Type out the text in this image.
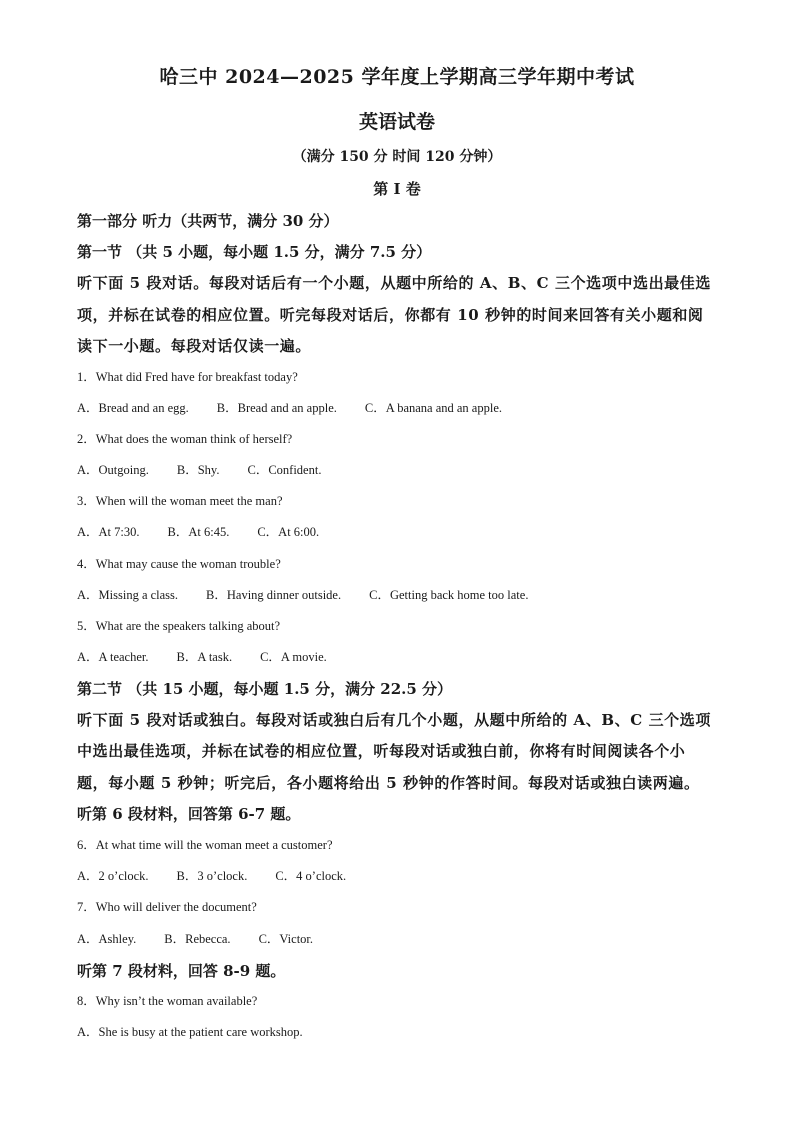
哈三中 2024—2025 学年度上学期高三学年期中考试
英语试卷
（满分 150 分 时间 120 分钟）
第 I 卷
第一部分 听力（共两节，满分 30 分）
第一节 （共 5 小题，每小题 1.5 分，满分 7.5 分）
听下面 5 段对话。每段对话后有一个小题，从题中所给的 A、B、C 三个选项中选出最佳选
项，并标在试卷的相应位置。听完每段对话后，你都有 10 秒钟的时间来回答有关小题和阅
读下一小题。每段对话仅读一遍。
1．What did Fred have for breakfast today?
A．Bread and an egg. B．Bread and an apple. C．A banana and an apple.
2．What does the woman think of herself?
A．Outgoing. B．Shy. C．Confident.
3．When will the woman meet the man?
A．At 7:30. B．At 6:45. C．At 6:00.
4．What may cause the woman trouble?
A．Missing a class. B．Having dinner outside. C．Getting back home too late.
5．What are the speakers talking about?
A．A teacher. B．A task. C．A movie.
第二节 （共 15 小题，每小题 1.5 分，满分 22.5 分）
听下面 5 段对话或独白。每段对话或独白后有几个小题，从题中所给的 A、B、C 三个选项
中选出最佳选项，并标在试卷的相应位置，听每段对话或独白前，你将有时间阅读各个小
题，每小题 5 秒钟；听完后，各小题将给出 5 秒钟的作答时间。每段对话或独白读两遍。
听第 6 段材料，回答第 6-7 题。
6．At what time will the woman meet a customer?
A．2 o’clock. B．3 o’clock. C．4 o’clock.
7．Who will deliver the document?
A．Ashley. B．Rebecca. C．Victor.
听第 7 段材料，回答 8-9 题。
8．Why isn’t the woman available?
A．She is busy at the patient care workshop.
